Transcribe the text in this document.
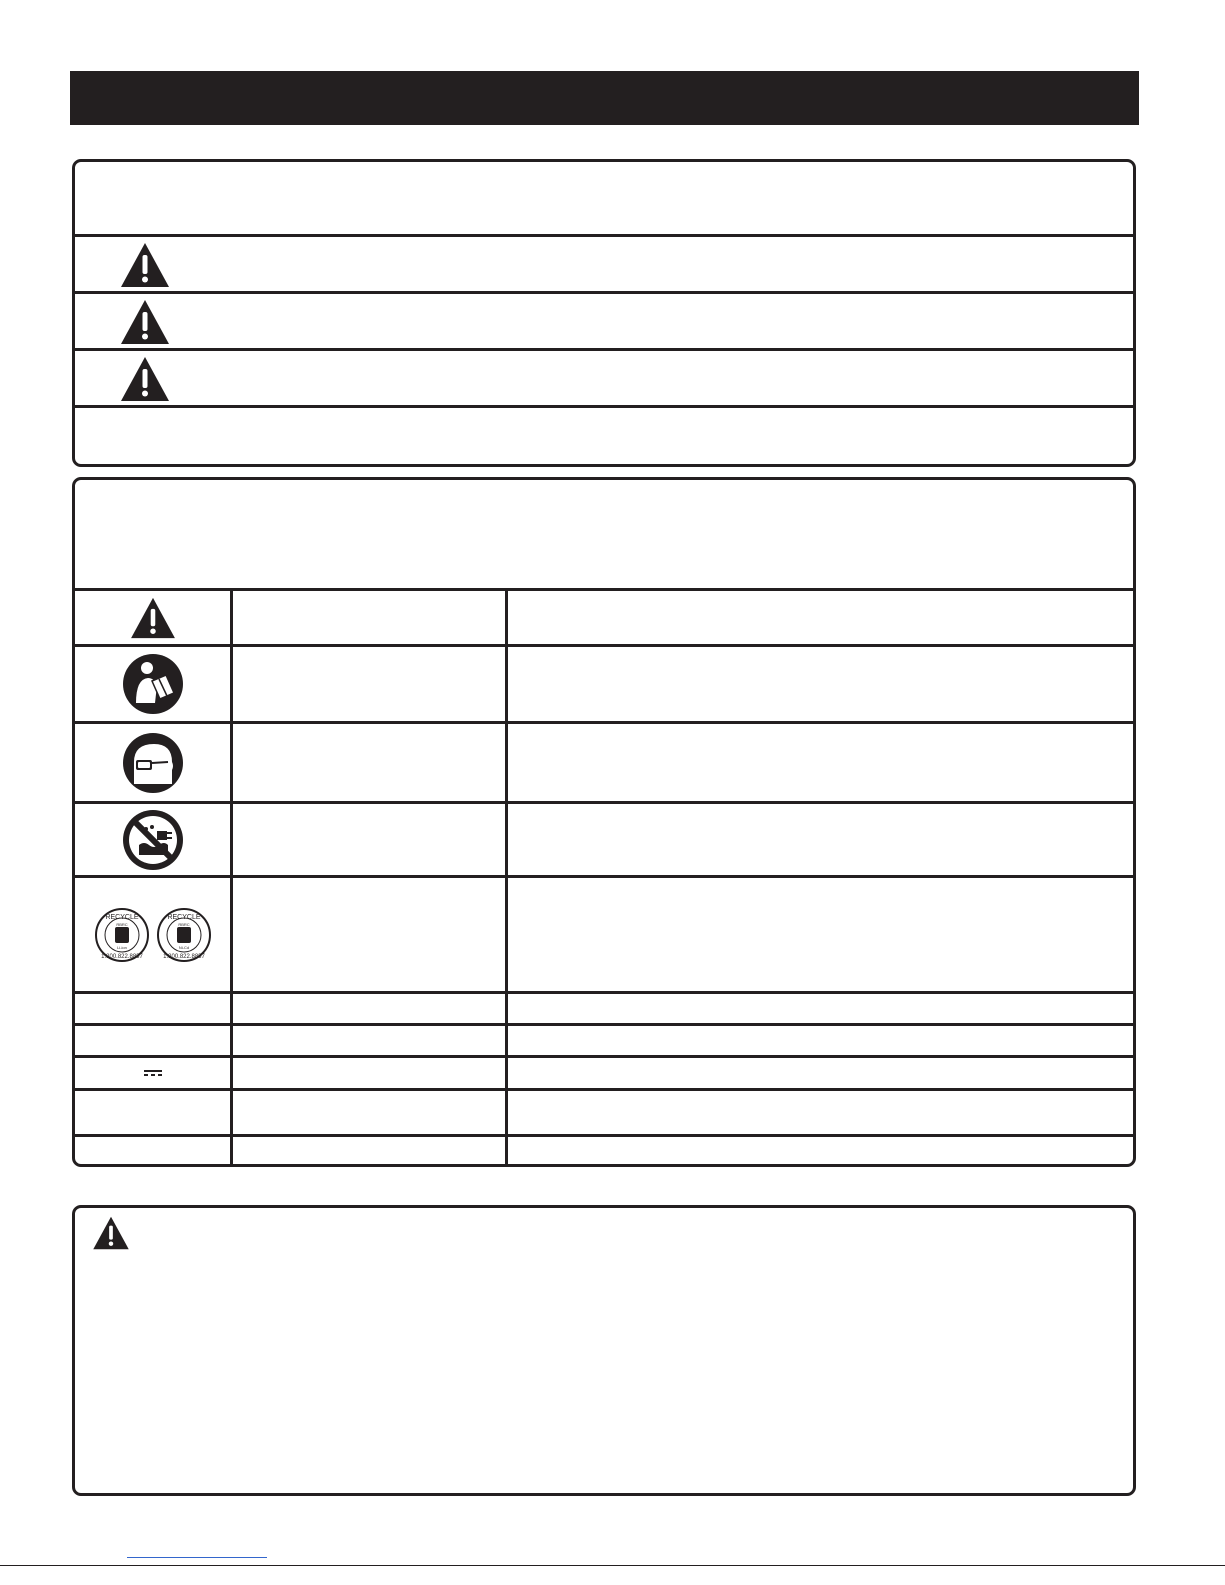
RECYCLE
RBRC
Li-ion
1.800.822.8837
RECYCLE
RBRC
Ni-Cd
1.800.822.8837
